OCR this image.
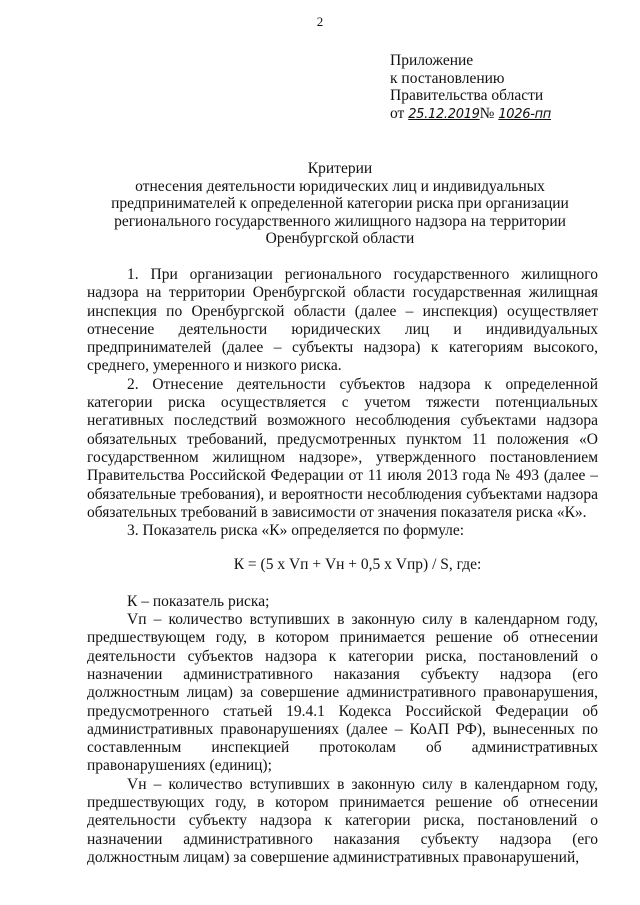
2
Приложение
к постановлению
Правительства области
от 25.12.2019№ 1026-пп
Критерии
отнесения деятельности юридических лиц и индивидуальных
предпринимателей к определенной категории риска при организации
регионального государственного жилищного надзора на территории
Оренбургской области

1. При организации регионального государственного жилищного надзора на территории Оренбургской области государственная жилищная инспекция по Оренбургской области (далее – инспекция) осуществляет отнесение деятельности юридических лиц и индивидуальных предпринимателей (далее – субъекты надзора) к категориям высокого, среднего, умеренного и низкого риска.

2. Отнесение деятельности субъектов надзора к определенной категории риска осуществляется с учетом тяжести потенциальных негативных последствий возможного несоблюдения субъектами надзора обязательных требований, предусмотренных пунктом 11 положения «О государственном жилищном надзоре», утвержденного постановлением Правительства Российской Федерации от 11 июля 2013 года № 493 (далее – обязательные требования), и вероятности несоблюдения субъектами надзора обязательных требований в зависимости от значения показателя риска «К».

3. Показатель риска «К» определяется по формуле:

К = (5 х Vп + Vн + 0,5 х Vпр) / S, где:

К – показатель риска;

Vп – количество вступивших в законную силу в календарном году, предшествующем году, в котором принимается решение об отнесении деятельности субъектов надзора к категории риска, постановлений о назначении административного наказания субъекту надзора (его должностным лицам) за совершение административного правонарушения, предусмотренного статьей 19.4.1 Кодекса Российской Федерации об административных правонарушениях (далее – КоАП РФ), вынесенных по составленным инспекцией протоколам об административных правонарушениях (единиц);

Vн – количество вступивших в законную силу в календарном году, предшествующих году, в котором принимается решение об отнесении деятельности субъекту надзора к категории риска, постановлений о назначении административного наказания субъекту надзора (его должностным лицам) за совершение административных правонарушений,
